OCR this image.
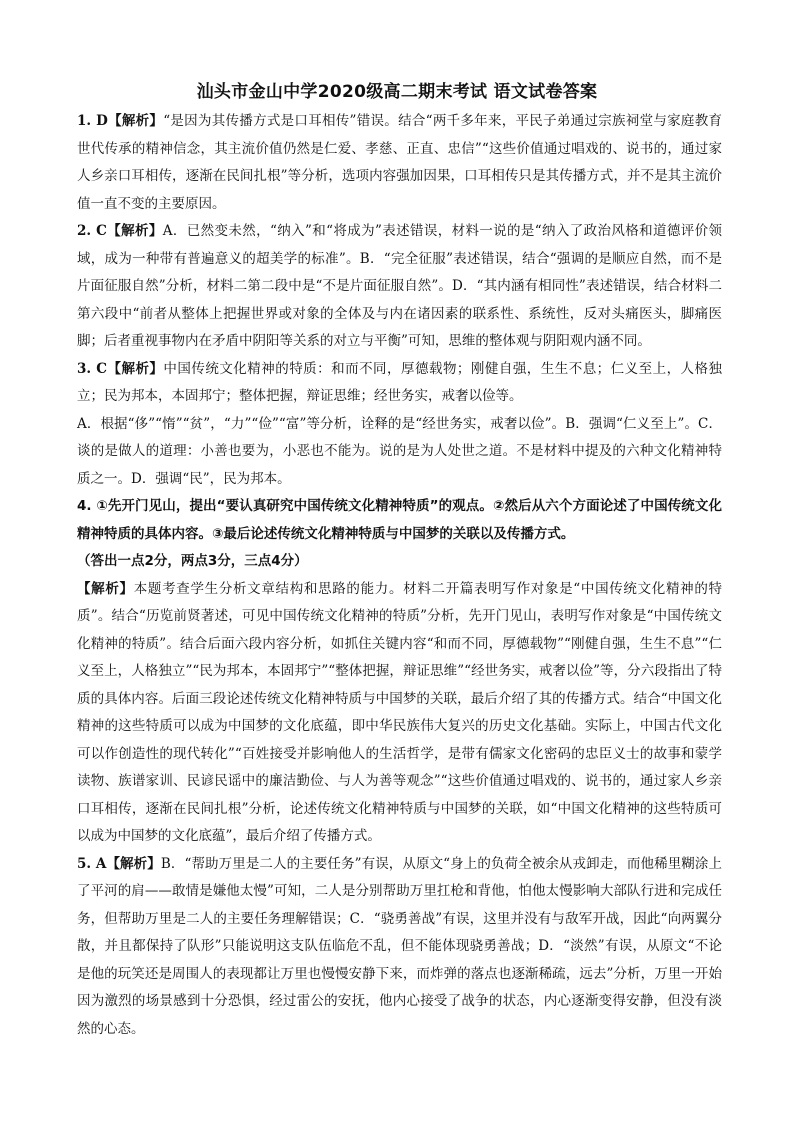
汕头市金山中学2020级高二期末考试 语文试卷答案

1. D【解析】“是因为其传播方式是口耳相传”错误。结合“两千多年来，平民子弟通过宗族祠堂与家庭教育世代传承的精神信念，其主流价值仍然是仁爱、孝慈、正直、忠信”“这些价值通过唱戏的、说书的，通过家人乡亲口耳相传，逐渐在民间扎根”等分析，选项内容强加因果，口耳相传只是其传播方式，并不是其主流价值一直不变的主要原因。

2. C【解析】A．已然变未然，“纳入”和“将成为”表述错误，材料一说的是“纳入了政治风格和道德评价领域，成为一种带有普遍意义的超美学的标准”。B．“完全征服”表述错误，结合“强调的是顺应自然，而不是片面征服自然”分析，材料二第二段中是“不是片面征服自然”。D．“其内涵有相同性”表述错误，结合材料二第六段中“前者从整体上把握世界或对象的全体及与内在诸因素的联系性、系统性，反对头痛医头，脚痛医脚；后者重视事物内在矛盾中阴阳等关系的对立与平衡”可知，思维的整体观与阴阳观内涵不同。

3. C【解析】中国传统文化精神的特质：和而不同，厚德载物；刚健自强，生生不息；仁义至上，人格独立；民为邦本，本固邦宁；整体把握，辩证思维；经世务实，戒奢以俭等。

A．根据“侈”“惰”“贫”，“力”“俭”“富”等分析，诠释的是“经世务实，戒奢以俭”。B．强调“仁义至上”。C．谈的是做人的道理：小善也要为，小恶也不能为。说的是为人处世之道。不是材料中提及的六种文化精神特质之一。D．强调“民”，民为邦本。

4. ①先开门见山，提出“要认真研究中国传统文化精神特质”的观点。②然后从六个方面论述了中国传统文化精神特质的具体内容。③最后论述传统文化精神特质与中国梦的关联以及传播方式。

（答出一点2分，两点3分，三点4分）

【解析】本题考查学生分析文章结构和思路的能力。材料二开篇表明写作对象是“中国传统文化精神的特质”。结合“历览前贤著述，可见中国传统文化精神的特质”分析，先开门见山，表明写作对象是“中国传统文化精神的特质”。结合后面六段内容分析，如抓住关键内容“和而不同，厚德载物”“刚健自强，生生不息”“仁义至上，人格独立”“民为邦本，本固邦宁”“整体把握，辩证思维”“经世务实，戒奢以俭”等，分六段指出了特质的具体内容。后面三段论述传统文化精神特质与中国梦的关联，最后介绍了其的传播方式。结合“中国文化精神的这些特质可以成为中国梦的文化底蕴，即中华民族伟大复兴的历史文化基础。实际上，中国古代文化可以作创造性的现代转化”“百姓接受并影响他人的生活哲学，是带有儒家文化密码的忠臣义士的故事和蒙学读物、族谱家训、民谚民谣中的廉洁勤俭、与人为善等观念”“这些价值通过唱戏的、说书的，通过家人乡亲口耳相传，逐渐在民间扎根”分析，论述传统文化精神特质与中国梦的关联，如“中国文化精神的这些特质可以成为中国梦的文化底蕴”，最后介绍了传播方式。

5. A【解析】B．“帮助万里是二人的主要任务”有误，从原文“身上的负荷全被余从戎卸走，而他稀里糊涂上了平河的肩——敢情是嫌他太慢”可知，二人是分别帮助万里扛枪和背他，怕他太慢影响大部队行进和完成任务，但帮助万里是二人的主要任务理解错误；C．“骁勇善战”有误，这里并没有与敌军开战，因此“向两翼分散，并且都保持了队形”只能说明这支队伍临危不乱，但不能体现骁勇善战；D．“淡然”有误，从原文“不论是他的玩笑还是周围人的表现都让万里也慢慢安静下来，而炸弹的落点也逐渐稀疏，远去”分析，万里一开始因为激烈的场景感到十分恐惧，经过雷公的安抚，他内心接受了战争的状态，内心逐渐变得安静，但没有淡然的心态。
